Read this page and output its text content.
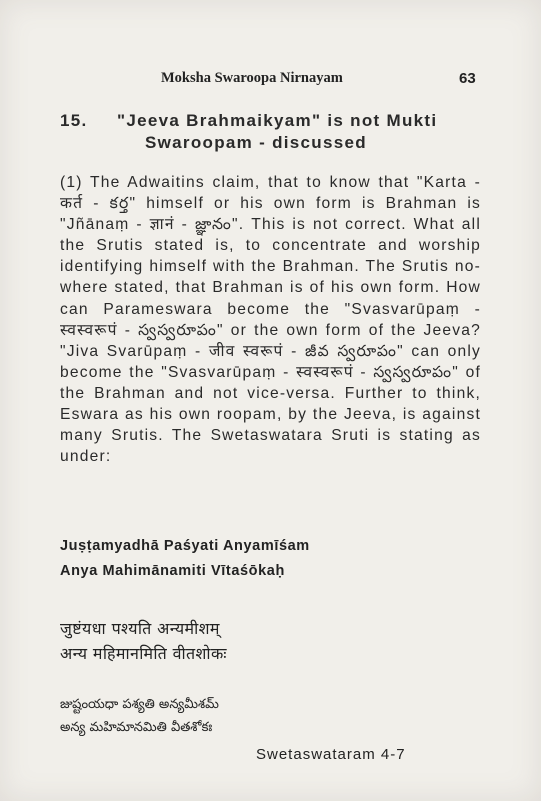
Moksha Swaroopa Nirnayam	63
15. "Jeeva Brahmaikyam" is not Mukti
Swaroopam - discussed

(1) The Adwaitins claim, that to know that "Karta - कर्त - కర్త" himself or his own form is Brahman is "Jñānaṃ - ज्ञानं - జ్ఞానం". This is not correct. What all the Srutis stated is, to concentrate and worship identifying himself with the Brahman. The Srutis no-where stated, that Brahman is of his own form. How can Parameswara become the "Svasvarūpaṃ - स्वस्वरूपं - స్వస్వరూపం" or the own form of the Jeeva? "Jiva Svarūpaṃ - जीव स्वरूपं - జీవ స్వరూపం" can only become the "Svasvarūpaṃ - स्वस्वरूपं - స్వస్వరూపం" of the Brahman and not vice-versa. Further to think, Eswara as his own roopam, by the Jeeva, is against many Srutis. The Swetaswatara Sruti is stating as under:

Juṣṭamyadhā Paśyati Anyamīśam
Anya Mahimānamiti Vītaśōkaḥ
जुष्टंयधा पश्यति अन्यमीशम्
अन्य महिमानमिति वीतशोकः
జుష్టంయధా పశ్యతి అన్యమీశమ్
అన్య మహిమానమితి వీతశోకః
Swetaswataram 4-7
